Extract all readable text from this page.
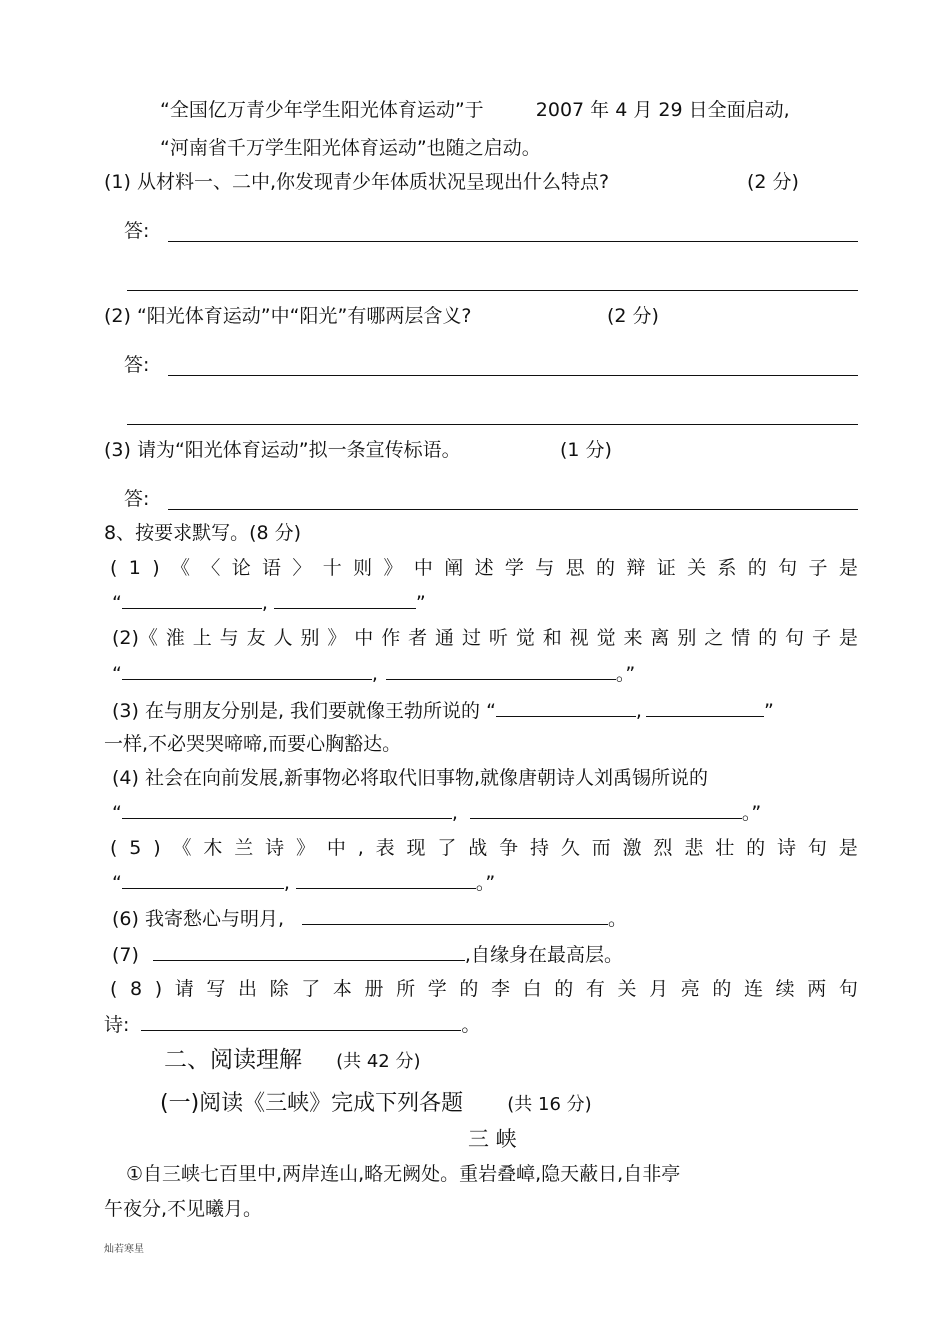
“全国亿万青少年学生阳光体育运动”于	2007 年 4 月 29 日全面启动,
“河南省千万学生阳光体育运动”也随之启动。
(1) 从材料一、二中,你发现青少年体质状况呈现出什么特点?	(2 分)
答:
(2) “阳光体育运动”中“阳光”有哪两层含义?	(2 分)
答:
(3) 请为“阳光体育运动”拟一条宣传标语。	(1 分)
答:
8、按要求默写。(8 分)
( 1 ) 《 〈 论 语 〉 十 则 》 中 阐 述 学 与 思 的 辩 证 关 系 的 句 子 是
“	,	”
(2)《 淮 上 与 友 人 别 》 中 作 者 通 过 听 觉 和 视 觉 来 离 别 之 情 的 句 子 是
“	,	。”
(3) 在与朋友分别是, 我们要就像王勃所说的 “	,	”
一样,不必哭哭啼啼,而要心胸豁达。
(4) 社会在向前发展,新事物必将取代旧事物,就像唐朝诗人刘禹锡所说的
“	,	。”
( 5 ) 《 木 兰 诗 》 中 , 表 现 了 战 争 持 久 而 激 烈 悲 壮 的 诗 句 是
“	,	。”
(6) 我寄愁心与明月,	。
(7)	,自缘身在最高层。
( 8 ) 请 写 出 除 了 本 册 所 学 的 李 白 的 有 关 月 亮 的 连 续 两 句
诗:	。
二、阅读理解 (共 42 分)
(一)阅读《三峡》完成下列各题 (共 16 分)
三 峡
①自三峡七百里中,两岸连山,略无阙处。重岩叠嶂,隐天蔽日,自非亭
午夜分,不见曦月。
灿若寒星
